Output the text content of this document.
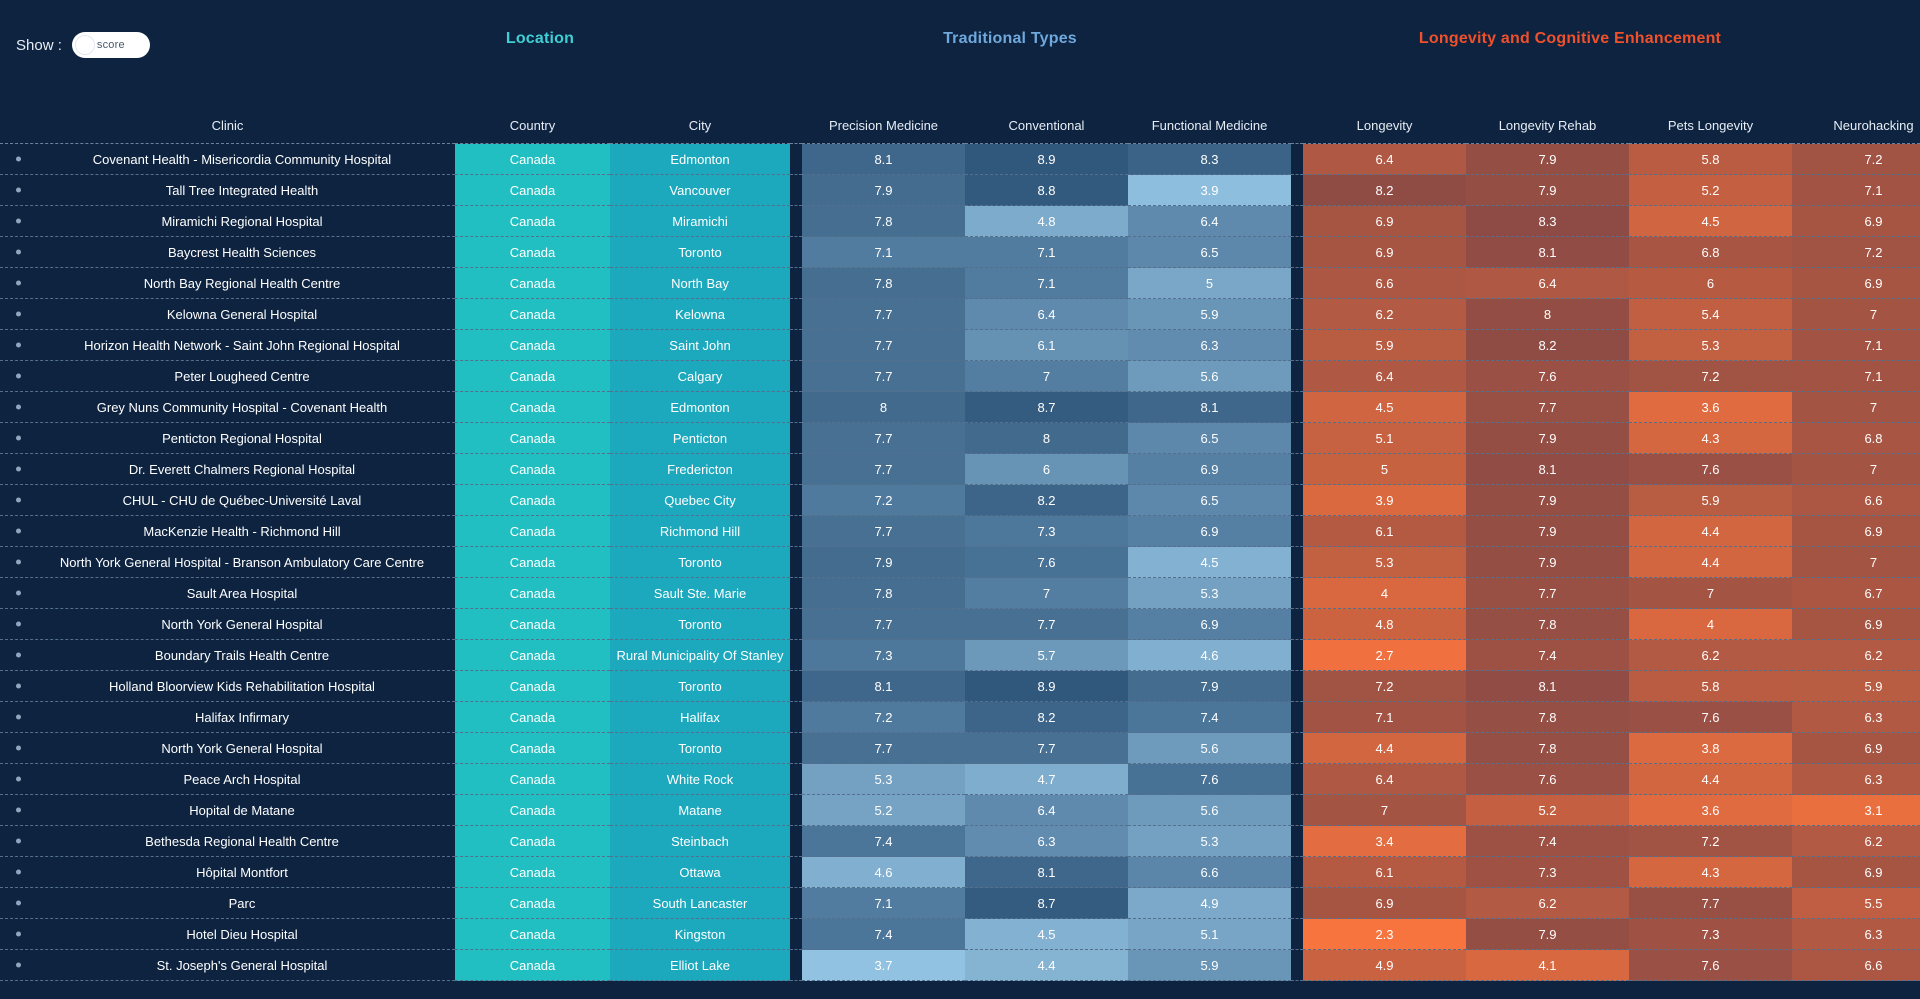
Show :	score	Location	Traditional Types	Longevity and Cognitive Enhancement
Clinic	Country	City		Precision Medicine	Conventional	Functional Medicine		Longevity	Longevity Rehab	Pets Longevity	Neurohacking
Covenant Health - Misericordia Community Hospital	Canada	Edmonton		8.1	8.9	8.3		6.4	7.9	5.8	7.2
Tall Tree Integrated Health	Canada	Vancouver		7.9	8.8	3.9		8.2	7.9	5.2	7.1
Miramichi Regional Hospital	Canada	Miramichi		7.8	4.8	6.4		6.9	8.3	4.5	6.9
Baycrest Health Sciences	Canada	Toronto		7.1	7.1	6.5		6.9	8.1	6.8	7.2
North Bay Regional Health Centre	Canada	North Bay		7.8	7.1	5		6.6	6.4	6	6.9
Kelowna General Hospital	Canada	Kelowna		7.7	6.4	5.9		6.2	8	5.4	7
Horizon Health Network - Saint John Regional Hospital	Canada	Saint John		7.7	6.1	6.3		5.9	8.2	5.3	7.1
Peter Lougheed Centre	Canada	Calgary		7.7	7	5.6		6.4	7.6	7.2	7.1
Grey Nuns Community Hospital - Covenant Health	Canada	Edmonton		8	8.7	8.1		4.5	7.7	3.6	7
Penticton Regional Hospital	Canada	Penticton		7.7	8	6.5		5.1	7.9	4.3	6.8
Dr. Everett Chalmers Regional Hospital	Canada	Fredericton		7.7	6	6.9		5	8.1	7.6	7
CHUL - CHU de Québec-Université Laval	Canada	Quebec City		7.2	8.2	6.5		3.9	7.9	5.9	6.6
MacKenzie Health - Richmond Hill	Canada	Richmond Hill		7.7	7.3	6.9		6.1	7.9	4.4	6.9
North York General Hospital - Branson Ambulatory Care Centre	Canada	Toronto		7.9	7.6	4.5		5.3	7.9	4.4	7
Sault Area Hospital	Canada	Sault Ste. Marie		7.8	7	5.3		4	7.7	7	6.7
North York General Hospital	Canada	Toronto		7.7	7.7	6.9		4.8	7.8	4	6.9
Boundary Trails Health Centre	Canada	Rural Municipality Of Stanley		7.3	5.7	4.6		2.7	7.4	6.2	6.2
Holland Bloorview Kids Rehabilitation Hospital	Canada	Toronto		8.1	8.9	7.9		7.2	8.1	5.8	5.9
Halifax Infirmary	Canada	Halifax		7.2	8.2	7.4		7.1	7.8	7.6	6.3
North York General Hospital	Canada	Toronto		7.7	7.7	5.6		4.4	7.8	3.8	6.9
Peace Arch Hospital	Canada	White Rock		5.3	4.7	7.6		6.4	7.6	4.4	6.3
Hopital de Matane	Canada	Matane		5.2	6.4	5.6		7	5.2	3.6	3.1
Bethesda Regional Health Centre	Canada	Steinbach		7.4	6.3	5.3		3.4	7.4	7.2	6.2
Hôpital Montfort	Canada	Ottawa		4.6	8.1	6.6		6.1	7.3	4.3	6.9
Parc	Canada	South Lancaster		7.1	8.7	4.9		6.9	6.2	7.7	5.5
Hotel Dieu Hospital	Canada	Kingston		7.4	4.5	5.1		2.3	7.9	7.3	6.3
St. Joseph's General Hospital	Canada	Elliot Lake		3.7	4.4	5.9		4.9	4.1	7.6	6.6
